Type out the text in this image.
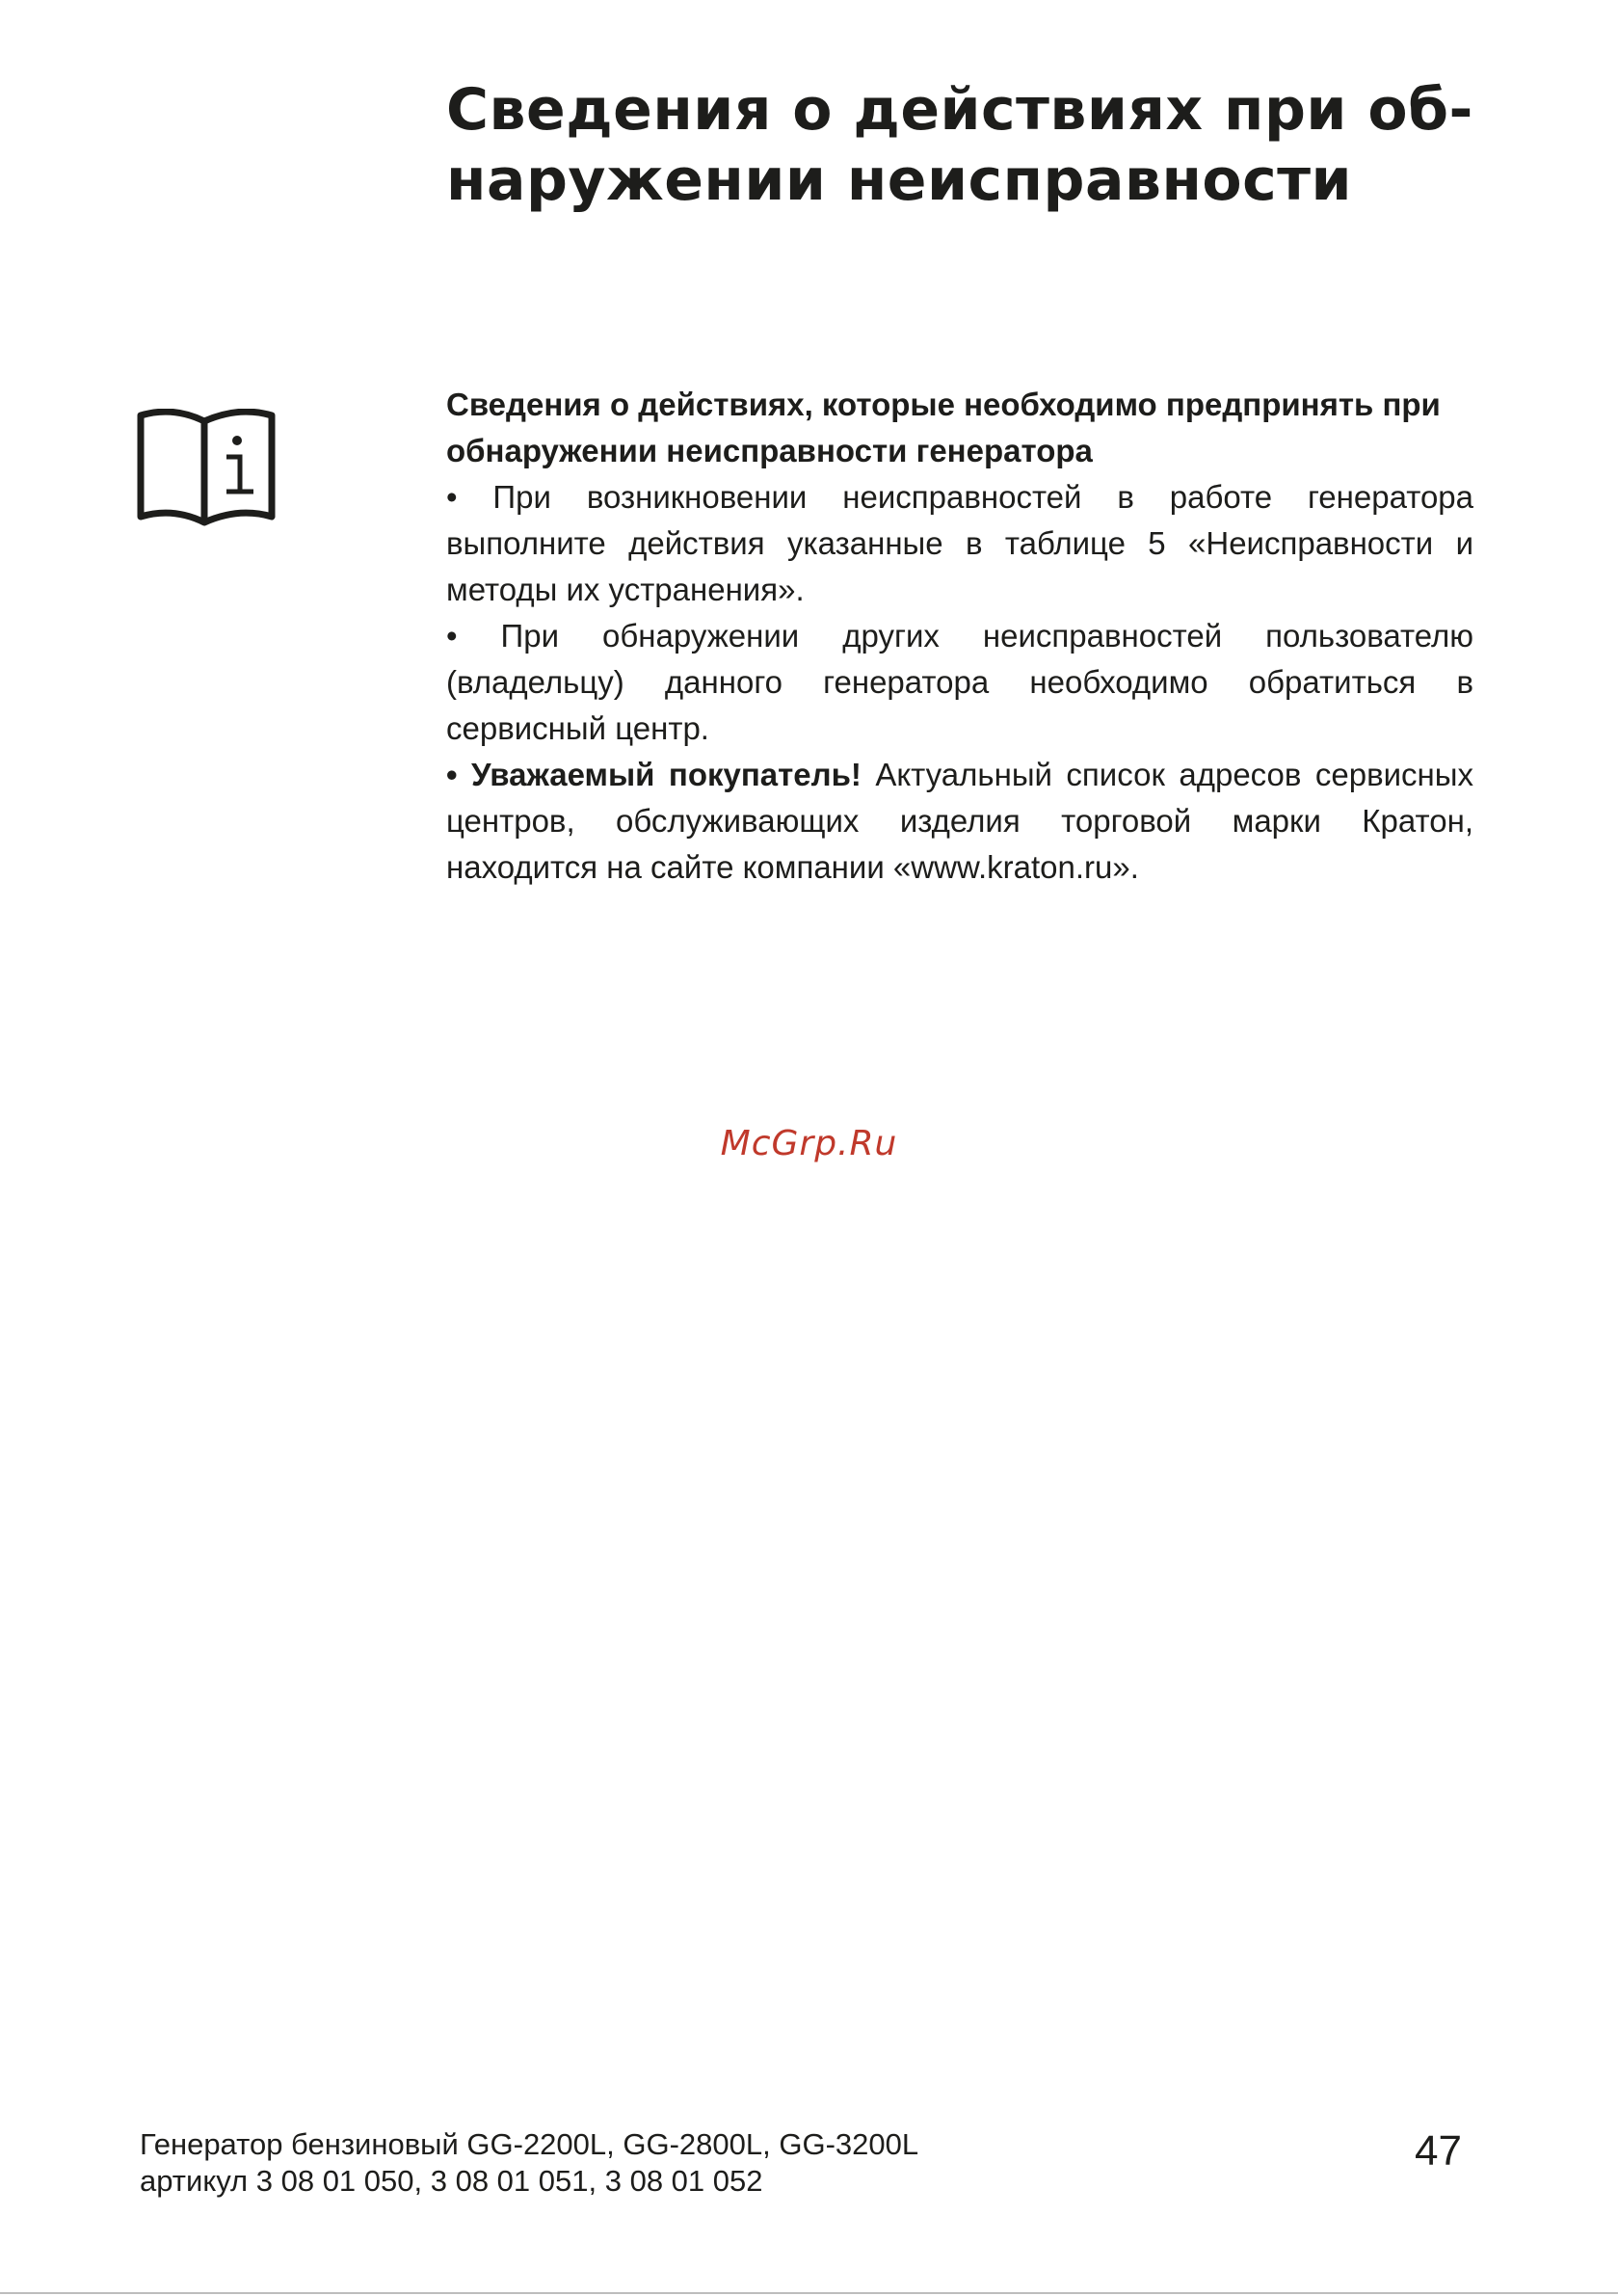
Сведения о действиях при об-наружении неисправности

Сведения о действиях, которые необходимо предпринять при обнаружении неисправности генератора

• При возникновении неисправностей в работе генератора выполните действия указанные в таблице 5 «Неисправности и методы их устранения».

• При обнаружении других неисправностей пользователю (владельцу) данного генератора необходимо обратиться в сервисный центр.

• Уважаемый покупатель! Актуальный список адресов сервисных центров, обслуживающих изделия торговой марки Кратон, находится на сайте компании «www.kraton.ru».

McGrp.Ru
Генератор бензиновый GG-2200L, GG-2800L, GG-3200L
артикул 3 08 01 050, 3 08 01 051, 3 08 01 052
47
